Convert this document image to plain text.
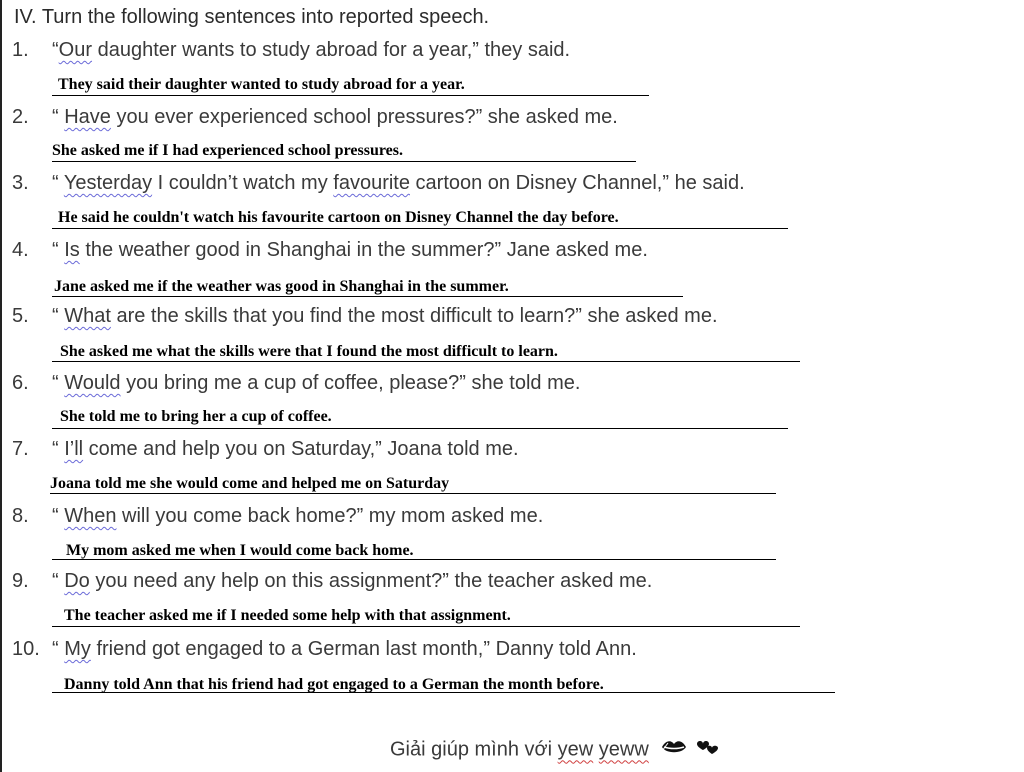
IV. Turn the following sentences into reported speech.
1. “Our daughter wants to study abroad for a year,” they said.
They said their daughter wanted to study abroad for a year.
2. “ Have you ever experienced school pressures?” she asked me.
She asked me if I had experienced school pressures.
3. “ Yesterday I couldn’t watch my favourite cartoon on Disney Channel,” he said.
He said he couldn't watch his favourite cartoon on Disney Channel the day before.
4. “ Is the weather good in Shanghai in the summer?” Jane asked me.
Jane asked me if the weather was good in Shanghai in the summer.
5. “ What are the skills that you find the most difficult to learn?” she asked me.
She asked me what the skills were that I found the most difficult to learn.
6. “ Would you bring me a cup of coffee, please?” she told me.
She told me to bring her a cup of coffee.
7. “ I’ll come and help you on Saturday,” Joana told me.
Joana told me she would come and helped me on Saturday
8. “ When will you come back home?” my mom asked me.
My mom asked me when I would come back home.
9. “ Do you need any help on this assignment?” the teacher asked me.
The teacher asked me if I needed some help with that assignment.
10. “ My friend got engaged to a German last month,” Danny told Ann.
Danny told Ann that his friend had got engaged to a German the month before.
Giải giúp mình với yew yeww
